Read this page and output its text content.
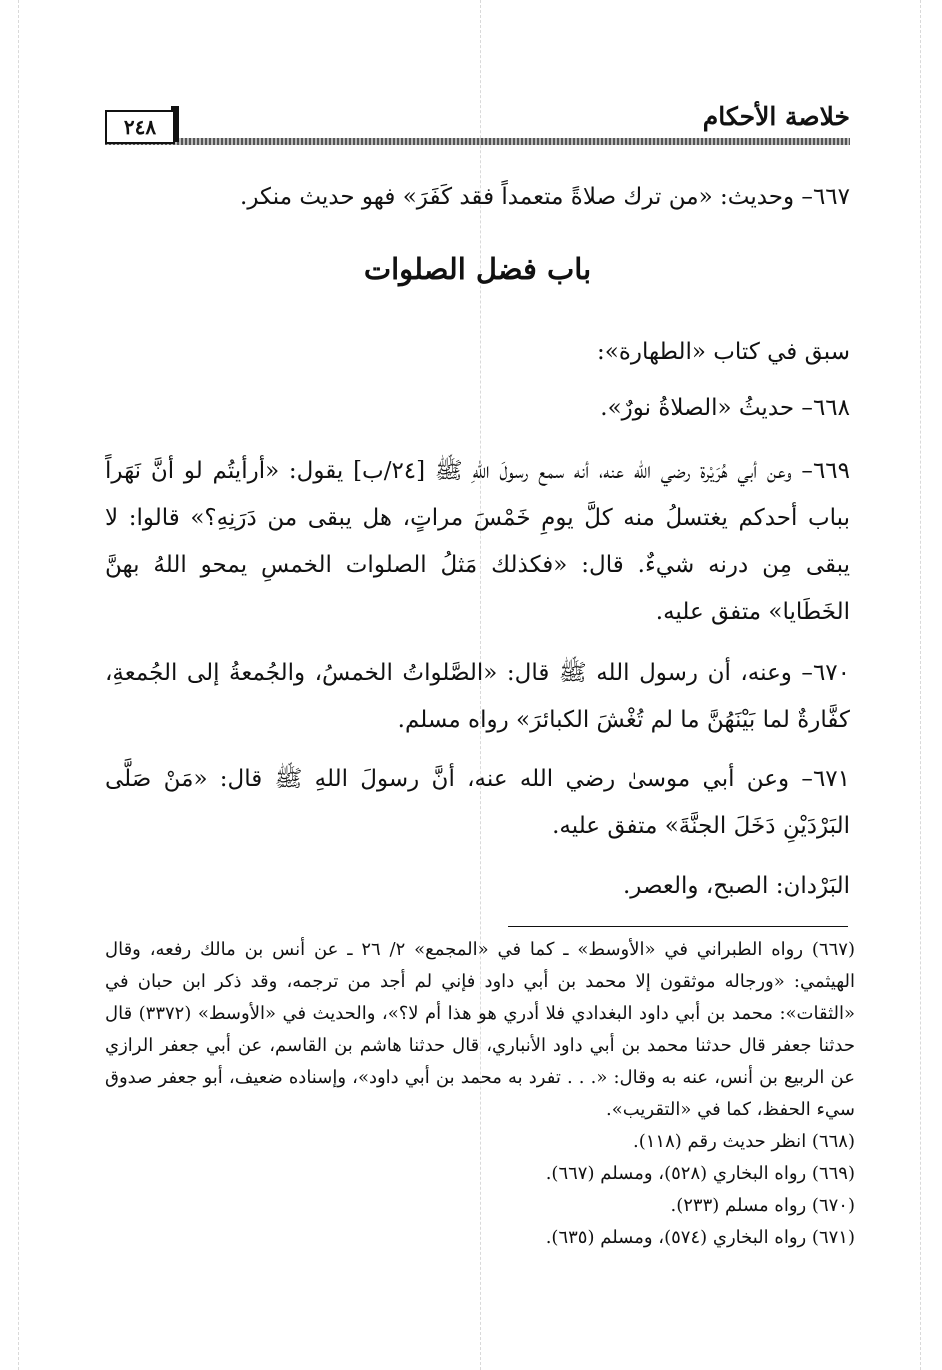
٢٤٨	خلاصة الأحكام
٦٦٧– وحديث: «من ترك صلاةً متعمداً فقد كَفَرَ» فهو حديث منكر.
باب فضل الصلوات
سبق في كتاب «الطهارة»:
٦٦٨– حديثُ «الصلاةُ نورٌ».
٦٦٩– وعن أبي هُرَيْرة رضي الله عنه، أنه سمع رسولَ اللهِ ﷺ [٢٤/ب] يقول: «أرأيتُم لو أنَّ نَهَراً بباب أحدكم يغتسلُ منه كلَّ يومِ خَمْسَ مراتٍ، هل يبقى من دَرَنِهِ؟» قالوا: لا يبقى مِن درنه شيءٌ. قال: «فكذلك مَثلُ الصلوات الخمسِ يمحو اللهُ بهنَّ الخَطَايا» متفق عليه.
٦٧٠– وعنه، أن رسول الله ﷺ قال: «الصَّلواتُ الخمسُ، والجُمعةُ إلى الجُمعةِ، كفَّارةٌ لما بَيْنَهُنَّ ما لم تُغْشَ الكبائرَ» رواه مسلم.
٦٧١– وعن أبي موسىٰ رضي الله عنه، أنَّ رسولَ اللهِ ﷺ قال: «مَنْ صَلَّى البَرْدَيْنِ دَخَلَ الجنَّةَ» متفق عليه.
البَرْدان: الصبح، والعصر.
(٦٦٧) رواه الطبراني في «الأوسط» ـ كما في «المجمع» ٢/ ٢٦ ـ عن أنس بن مالك رفعه، وقال الهيثمي: «ورجاله موثقون إلا محمد بن أبي داود فإني لم أجد من ترجمه، وقد ذكر ابن حبان في «الثقات»: محمد بن أبي داود البغدادي فلا أدري هو هذا أم لا؟»، والحديث في «الأوسط» (٣٣٧٢) قال حدثنا جعفر قال حدثنا محمد بن أبي داود الأنباري، قال حدثنا هاشم بن القاسم، عن أبي جعفر الرازي عن الربيع بن أنس، عنه به وقال: «. . . تفرد به محمد بن أبي داود»، وإسناده ضعيف، أبو جعفر صدوق سيء الحفظ، كما في «التقريب».
(٦٦٨) انظر حديث رقم (١١٨).
(٦٦٩) رواه البخاري (٥٢٨)، ومسلم (٦٦٧).
(٦٧٠) رواه مسلم (٢٣٣).
(٦٧١) رواه البخاري (٥٧٤)، ومسلم (٦٣٥).
